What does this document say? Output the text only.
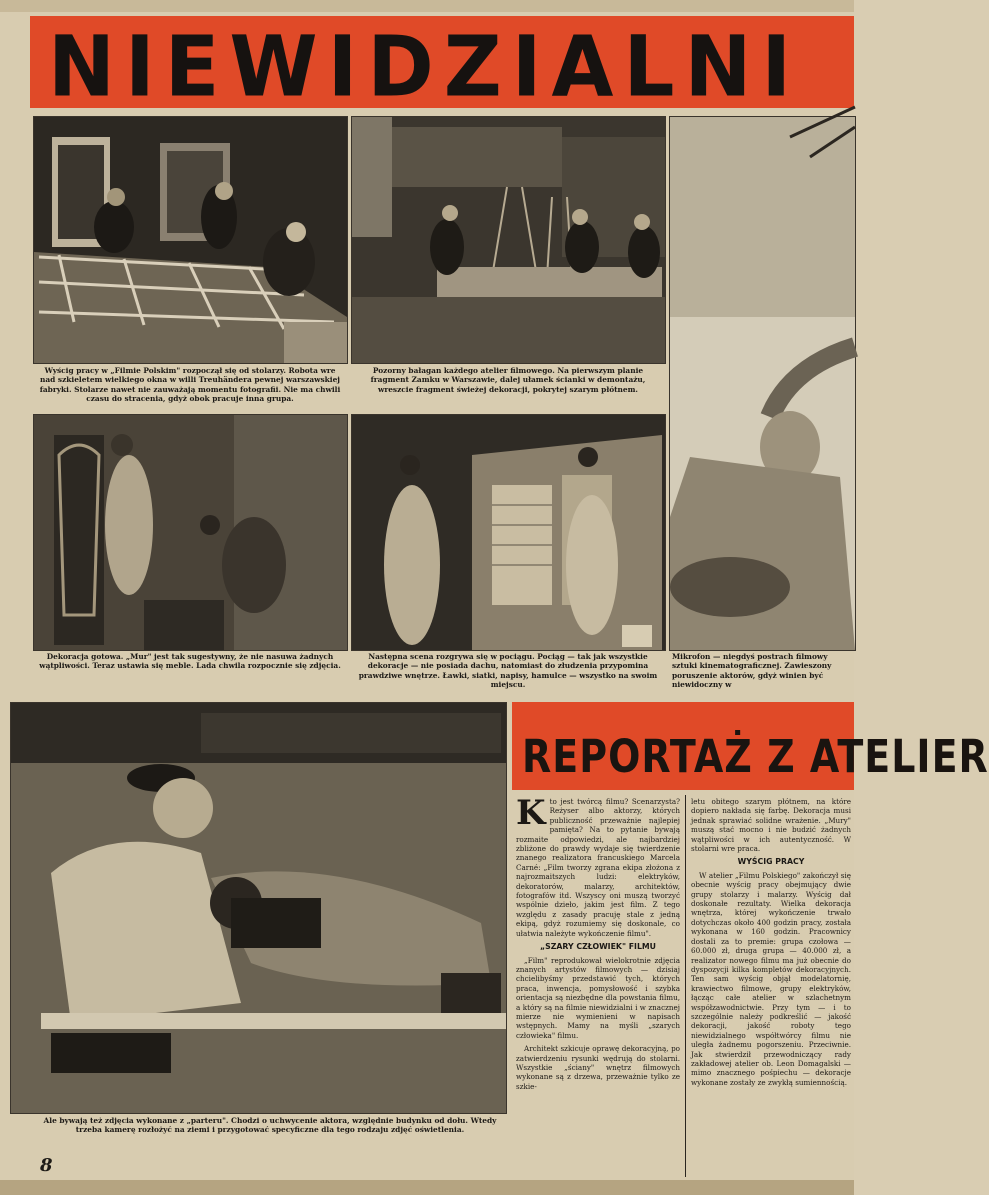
NIEWIDZIALNI
Wyścig pracy w „Filmie Polskim" rozpoczął się od stolarzy. Robota wre nad szkieletem wielkiego okna w willi Treuhändera pewnej warszawskiej fabryki. Stolarze nawet nie zauważają momentu fotografii. Nie ma chwili czasu do stracenia, gdyż obok pracuje inna grupa.
Pozorny bałagan każdego atelier filmowego. Na pierwszym planie fragment Zamku w Warszawie, dalej ułamek ścianki w demontażu, wreszcie fragment świeżej dekoracji, pokrytej szarym płótnem.
Dekoracja gotowa. „Mur" jest tak sugestywny, że nie nasuwa żadnych wątpliwości. Teraz ustawia się meble. Lada chwila rozpocznie się zdjęcia.
Następna scena rozgrywa się w pociągu. Pociąg — tak jak wszystkie dekoracje — nie posiada dachu, natomiast do złudzenia przypomina prawdziwe wnętrze. Ławki, siatki, napisy, hamulce — wszystko na swoim miejscu.
Mikrofon — niegdyś postrach filmowy sztuki kinematograficznej. Zawieszony poruszenie aktorów, gdyż winien być niewidoczny w
Ale bywają też zdjęcia wykonane z „parteru". Chodzi o uchwycenie aktora, względnie budynku od dołu. Wtedy trzeba kamerę rozłożyć na ziemi i przygotować specyficzne dla tego rodzaju zdjęć oświetlenia.
REPORTAŻ Z ATELIER
K to jest twórcą filmu? Scenarzysta? Reżyser albo aktorzy, których publiczność przeważnie najlepiej pamięta? Na to pytanie bywają rozmaite odpowiedzi, ale najbardziej zbliżone do prawdy wydaje się twierdzenie znanego realizatora francuskiego Marcela Carné: „Film tworzy zgrana ekipa złożona z najrozmaitszych ludzi: elektryków, dekoratorów, malarzy, architektów, fotografów itd. Wszyscy oni muszą tworzyć wspólnie dzieło, jakim jest film. Z tego względu z zasady pracuję stale z jedną ekipą, gdyż rozumiemy się doskonale, co ułatwia należyte wykończenie filmu".

„SZARY CZŁOWIEK" FILMU

„Film" reprodukował wielokrotnie zdjęcia znanych artystów filmowych — dzisiaj chcielibyśmy przedstawić tych, których praca, inwencja, pomysłowość i szybka orientacja są niezbędne dla powstania filmu, a który są na filmie niewidzialni i w znacznej mierze nie wymienieni w napisach wstępnych. Mamy na myśli „szarych człowieka" filmu.

Architekt szkicuje oprawę dekoracyjną, po zatwierdzeniu rysunki wędrują do stolarni. Wszystkie „ściany" wnętrz filmowych wykonane są z drzewa, przeważnie tylko ze szkie-

letu obitego szarym płótnem, na które dopiero nakłada się farbę. Dekoracja musi jednak sprawiać solidne wrażenie. „Mury" muszą stać mocno i nie budzić żadnych wątpliwości w ich autentyczność. W stolarni wre praca.

WYŚCIG PRACY

W atelier „Filmu Polskiego" zakończył się obecnie wyścig pracy obejmujący dwie grupy stolarzy i malarzy. Wyścig dał doskonałe rezultaty. Wielka dekoracja wnętrza, której wykończenie trwało dotychczas około 400 godzin pracy, została wykonana w 160 godzin. Pracownicy dostali za to premie: grupa czołowa — 60.000 zł, druga grupa — 40.000 zł, a realizator nowego filmu ma już obecnie do dyspozycji kilka kompletów dekoracyjnych. Ten sam wyścig objął modelatornię, krawiectwo filmowe, grupy elektryków, łącząc całe atelier w szlachetnym współzawodnictwie. Przy tym — i to szczególnie należy podkreślić — jakość dekoracji, jakość roboty tego niewidzialnego współtwórcy filmu nie uległa żadnemu pogorszeniu. Przeciwnie. Jak stwierdził przewodniczący rady zakładowej atelier ob. Leon Domagalski — mimo znacznego pośpiechu — dekoracje wykonane zostały ze zwykłą sumiennością.

8
